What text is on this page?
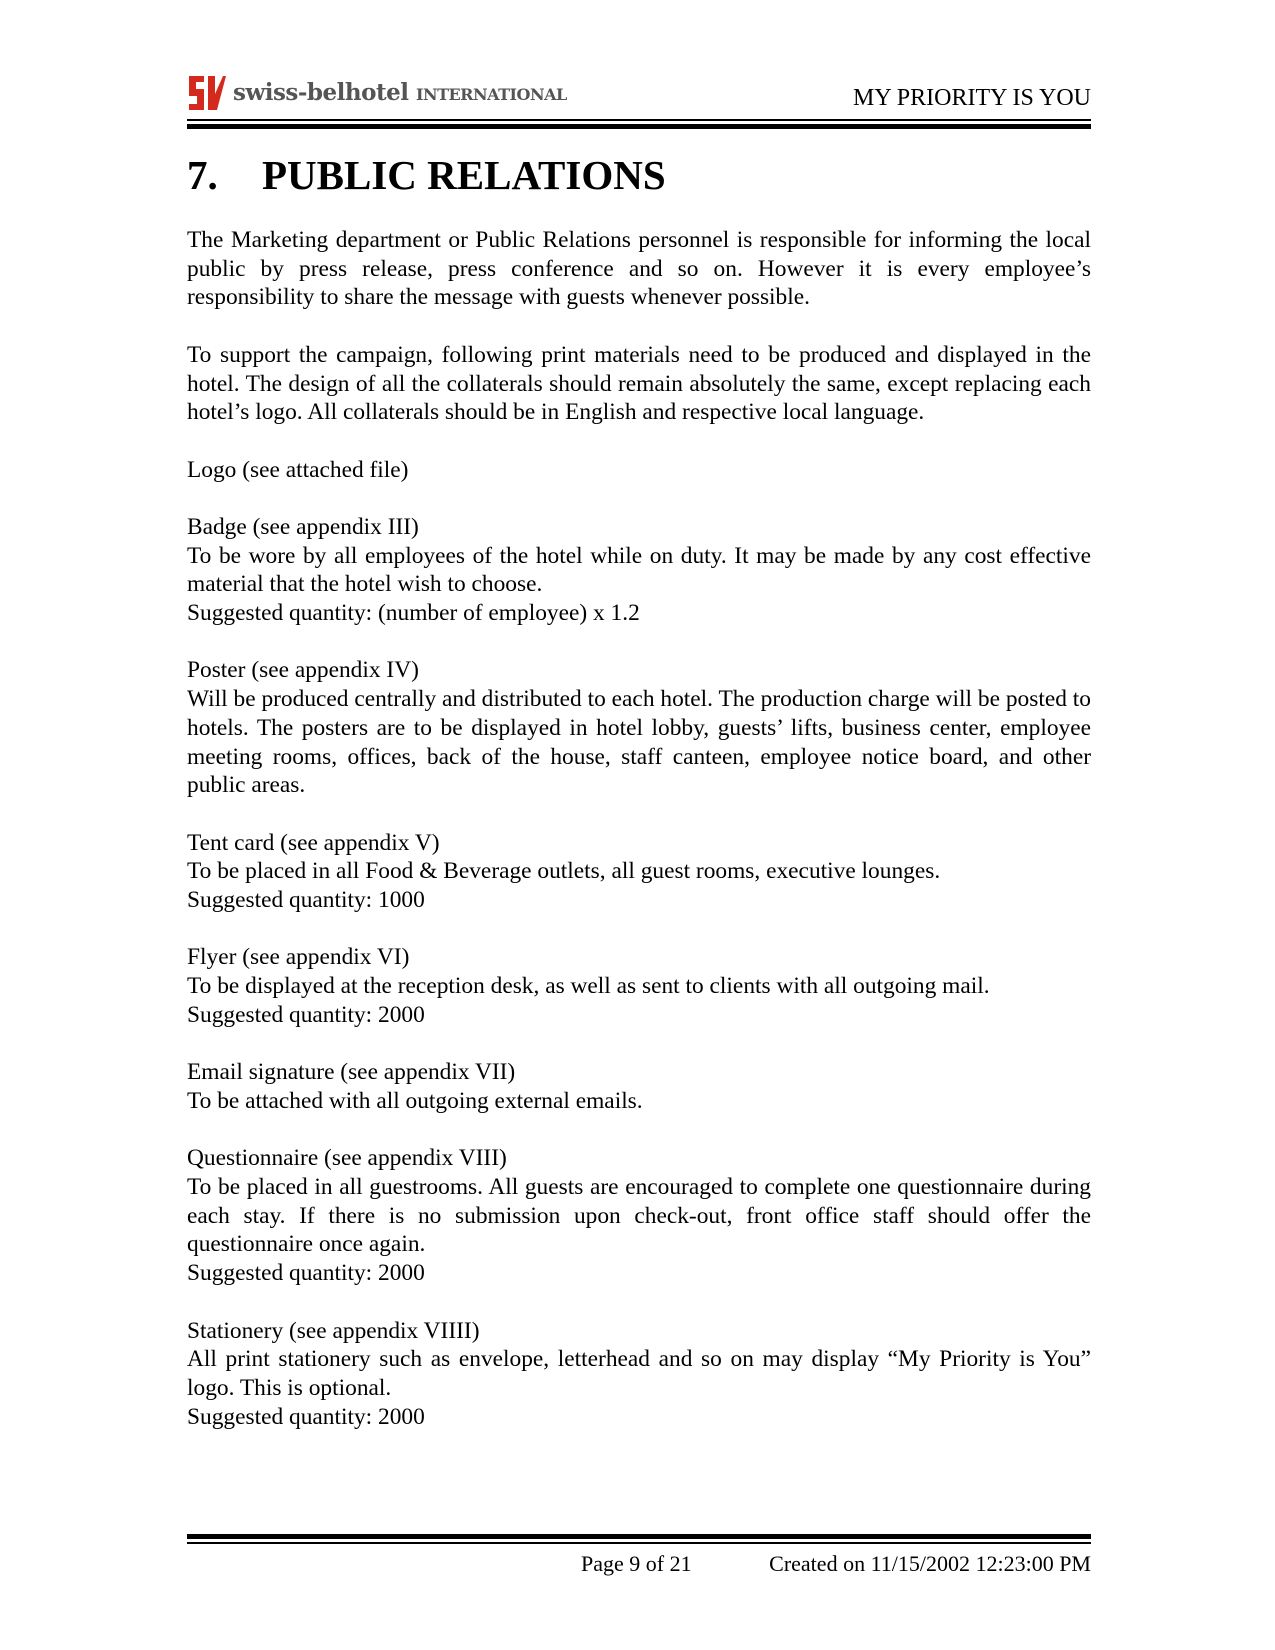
swiss-belhotel international	MY PRIORITY IS YOU
7. PUBLIC RELATIONS

The Marketing department or Public Relations personnel is responsible for informing the local public by press release, press conference and so on. However it is every employee’s responsibility to share the message with guests whenever possible.

To support the campaign, following print materials need to be produced and displayed in the hotel. The design of all the collaterals should remain absolutely the same, except replacing each hotel’s logo. All collaterals should be in English and respective local language.

Logo (see attached file)
Badge (see appendix III)
To be wore by all employees of the hotel while on duty. It may be made by any cost effective material that the hotel wish to choose.
Suggested quantity: (number of employee) x 1.2
Poster (see appendix IV)
Will be produced centrally and distributed to each hotel. The production charge will be posted to hotels. The posters are to be displayed in hotel lobby, guests’ lifts, business center, employee meeting rooms, offices, back of the house, staff canteen, employee notice board, and other public areas.
Tent card (see appendix V)
To be placed in all Food & Beverage outlets, all guest rooms, executive lounges.
Suggested quantity: 1000
Flyer (see appendix VI)
To be displayed at the reception desk, as well as sent to clients with all outgoing mail.
Suggested quantity: 2000
Email signature (see appendix VII)
To be attached with all outgoing external emails.
Questionnaire (see appendix VIII)
To be placed in all guestrooms. All guests are encouraged to complete one questionnaire during each stay. If there is no submission upon check-out, front office staff should offer the questionnaire once again.
Suggested quantity: 2000
Stationery (see appendix VIIII)
All print stationery such as envelope, letterhead and so on may display “My Priority is You” logo. This is optional.
Suggested quantity: 2000
Page 9 of 21	Created on 11/15/2002 12:23:00 PM
